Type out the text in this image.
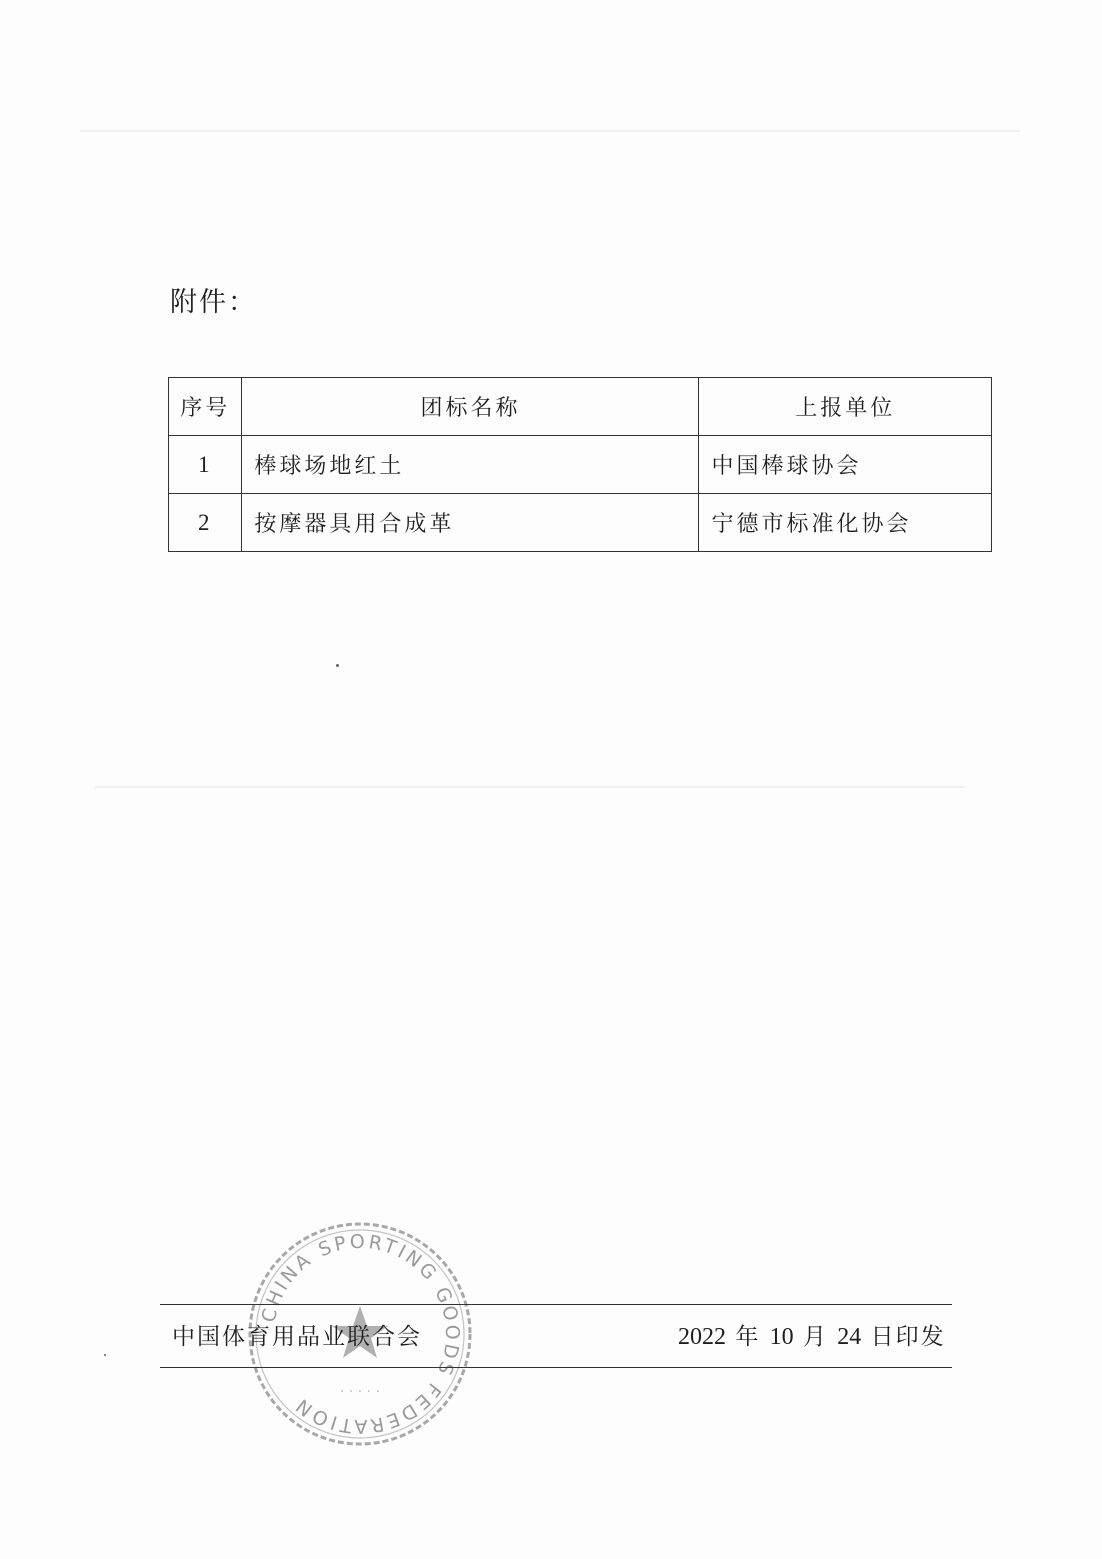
附件：
序号	团标名称	上报单位
1	棒球场地红土	中国棒球协会
2	按摩器具用合成革	宁德市标准化协会
CHINA SPORTING GOODS FEDERATION
· · · · ·
中国体育用品业联合会	2022 年 10 月 24 日印发
